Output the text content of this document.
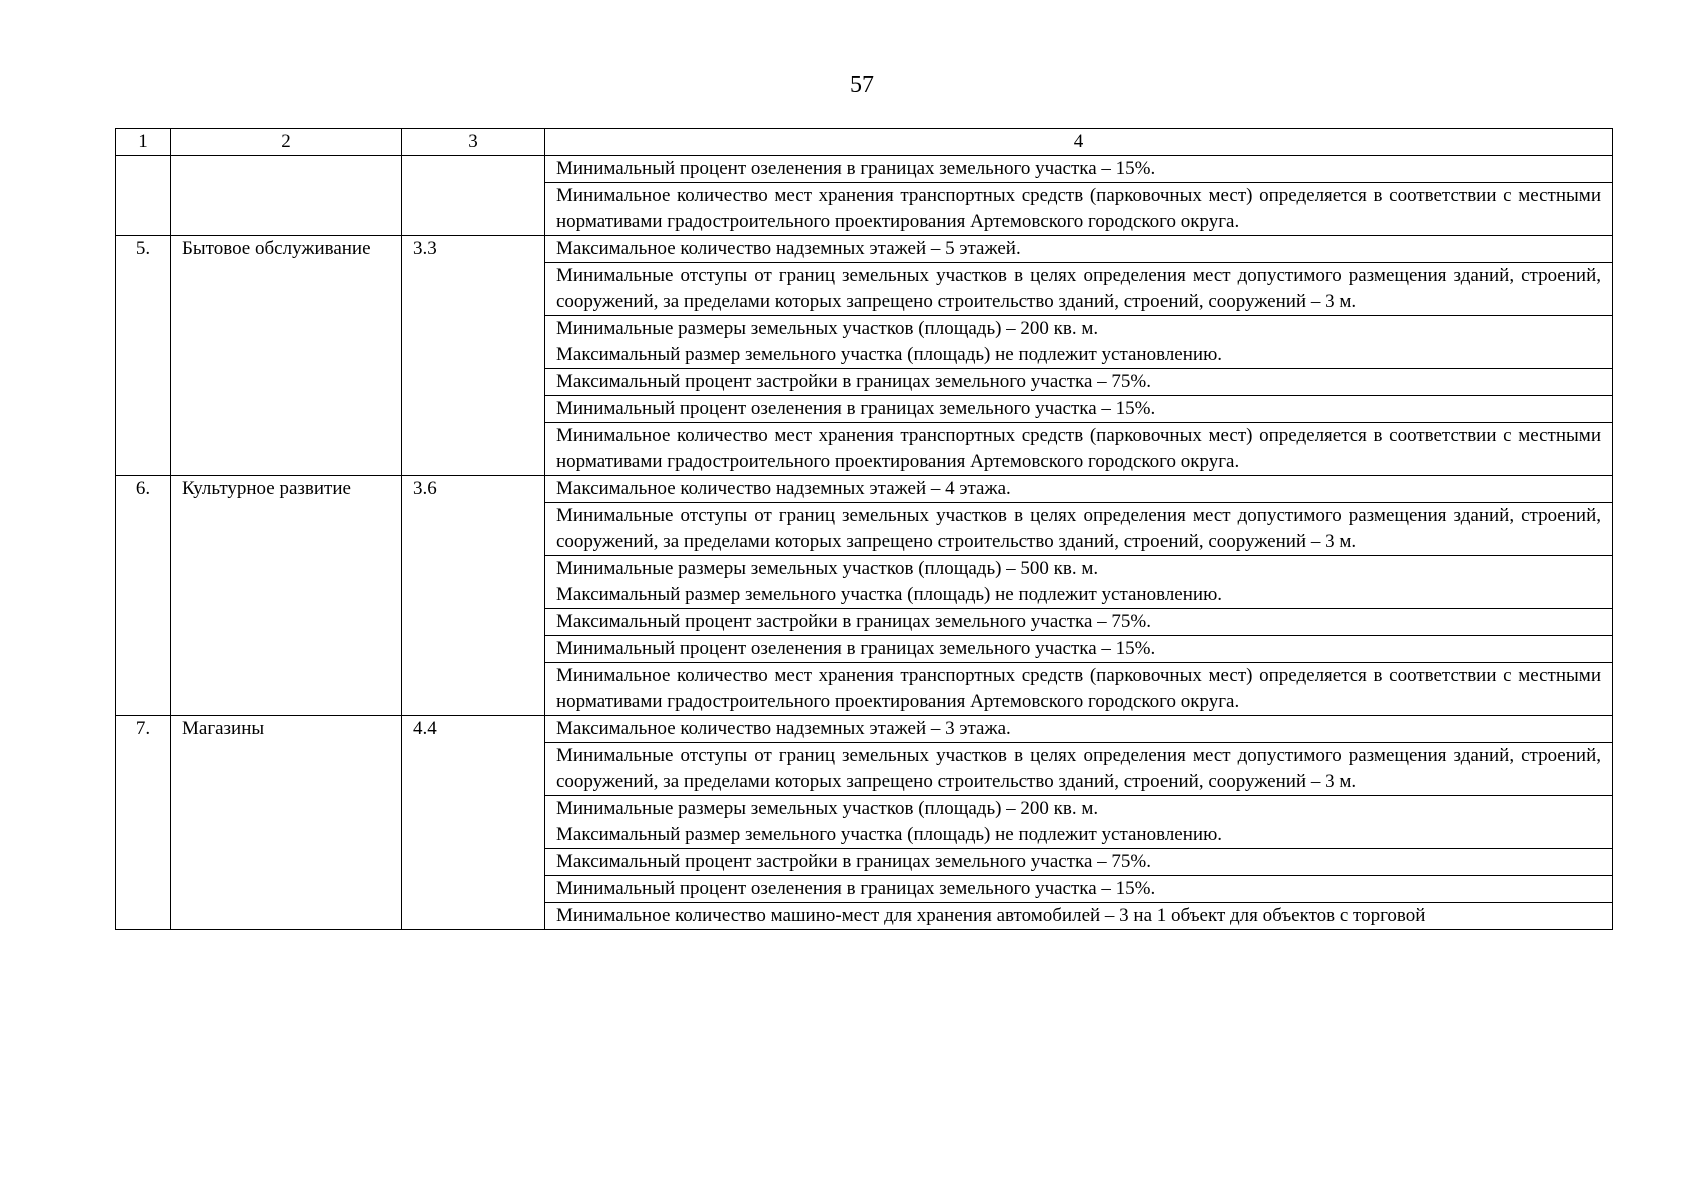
57
1	2	3	4
			Минимальный процент озеленения в границах земельного участка – 15%.
			Минимальное количество мест хранения транспортных средств (парковочных мест) определяется в соответствии с местными нормативами градостроительного проектирования Артемовского городского округа.
5.	Бытовое обслуживание	3.3	Максимальное количество надземных этажей – 5 этажей.
			Минимальные отступы от границ земельных участков в целях определения мест допустимого размещения зданий, строений, сооружений, за пределами которых запрещено строительство зданий, строений, сооружений – 3 м.
			Минимальные размеры земельных участков (площадь) – 200 кв. м.
Максимальный размер земельного участка (площадь) не подлежит установлению.
			Максимальный процент застройки в границах земельного участка – 75%.
			Минимальный процент озеленения в границах земельного участка – 15%.
			Минимальное количество мест хранения транспортных средств (парковочных мест) определяется в соответствии с местными нормативами градостроительного проектирования Артемовского городского округа.
6.	Культурное развитие	3.6	Максимальное количество надземных этажей – 4 этажа.
			Минимальные отступы от границ земельных участков в целях определения мест допустимого размещения зданий, строений, сооружений, за пределами которых запрещено строительство зданий, строений, сооружений – 3 м.
			Минимальные размеры земельных участков (площадь) – 500 кв. м.
Максимальный размер земельного участка (площадь) не подлежит установлению.
			Максимальный процент застройки в границах земельного участка – 75%.
			Минимальный процент озеленения в границах земельного участка – 15%.
			Минимальное количество мест хранения транспортных средств (парковочных мест) определяется в соответствии с местными нормативами градостроительного проектирования Артемовского городского округа.
7.	Магазины	4.4	Максимальное количество надземных этажей – 3 этажа.
			Минимальные отступы от границ земельных участков в целях определения мест допустимого размещения зданий, строений, сооружений, за пределами которых запрещено строительство зданий, строений, сооружений – 3 м.
			Минимальные размеры земельных участков (площадь) – 200 кв. м.
Максимальный размер земельного участка (площадь) не подлежит установлению.
			Максимальный процент застройки в границах земельного участка – 75%.
			Минимальный процент озеленения в границах земельного участка – 15%.
			Минимальное количество машино-мест для хранения автомобилей – 3 на 1 объект для объектов с торговой
